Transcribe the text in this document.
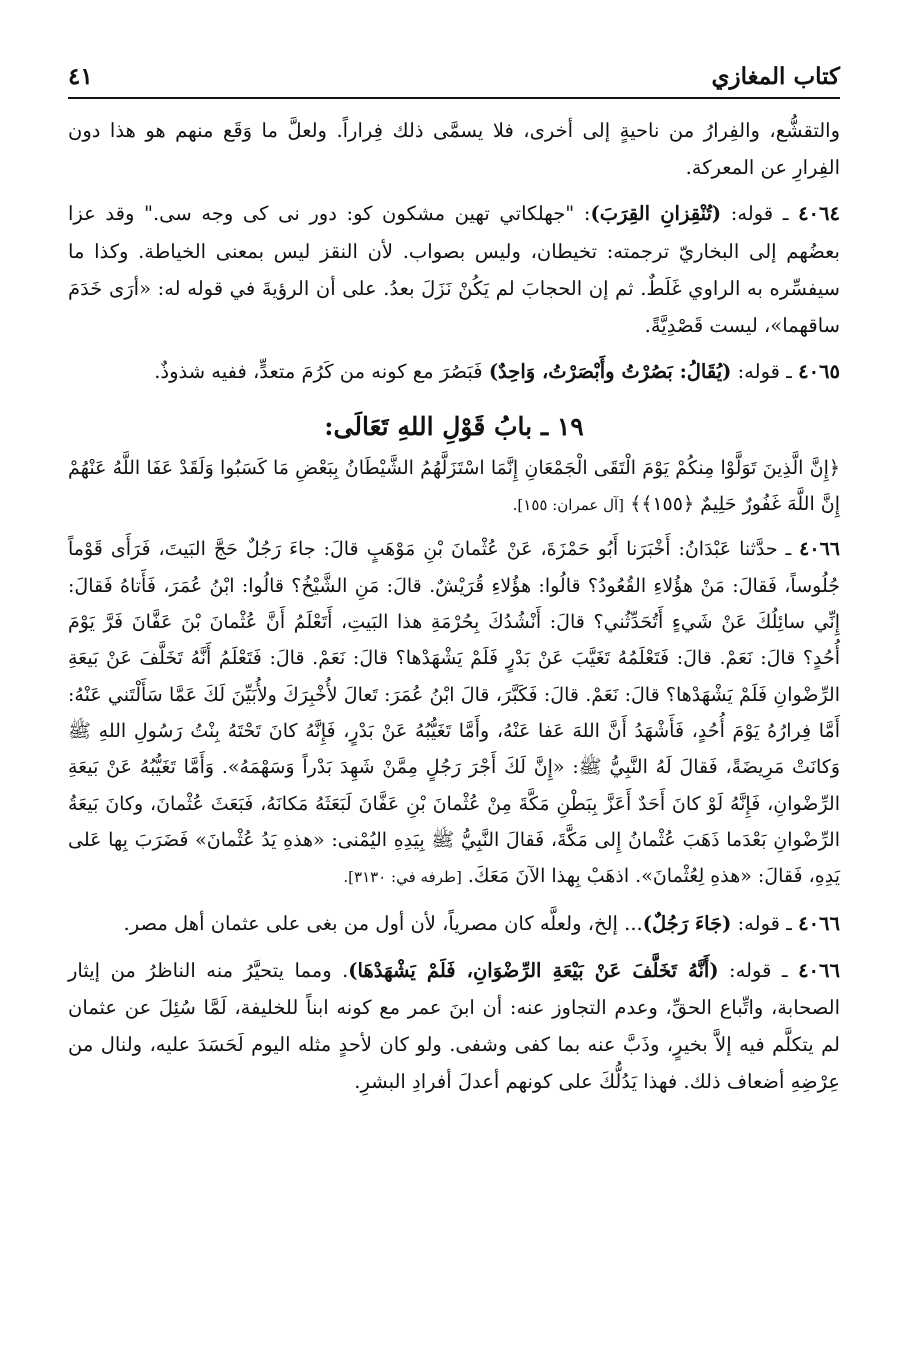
كتاب المغازي
٤١

والتقشُّع، والفِرارُ من ناحيةٍ إلى أخرى، فلا يسمَّى ذلك فِراراً. ولعلَّ ما وَقَع منهم هو هذا دون الفِرارِ عن المعركة.

٤٠٦٤ ـ قوله: (تُنْقِزانِ القِرَبَ): "جهلكاتي تهين مشكون كو: دور نى كى وجه سى." وقد عزا بعضُهم إلى البخاريّ ترجمته: تخيطان، وليس بصواب. لأن النقز ليس بمعنى الخياطة. وكذا ما سيفسِّره به الراوي غَلَطٌ. ثم إن الحجابَ لم يَكُنْ نَزَلَ بعدُ. على أن الرؤيةَ في قوله له: «أرَى خَدَمَ ساقهما»، ليست قَصْدِيَّةً.

٤٠٦٥ ـ قوله: (يُقَالُ: بَصُرْتُ وأَبْصَرْتُ، وَاحِدٌ) فَبَصُرَ مع كونه من كَرُمَ متعدٍّ، ففيه شذوذٌ.

١٩ ـ بابُ قَوْلِ اللهِ تَعَالَى:

﴿إِنَّ الَّذِينَ تَوَلَّوْا مِنكُمْ يَوْمَ الْتَقَى الْجَمْعَانِ إِنَّمَا اسْتَزَلَّهُمُ الشَّيْطَانُ بِبَعْضِ مَا كَسَبُوا وَلَقَدْ عَفَا اللَّهُ عَنْهُمْ إِنَّ اللَّهَ غَفُورٌ حَلِيمٌ ﴿١٥٥﴾﴾ [آل عمران: ١٥٥].

٤٠٦٦ ـ حدَّثنا عَبْدَانُ: أَخْبَرَنا أَبُو حَمْزَةَ، عَنْ عُثْمانَ بْنِ مَوْهَبٍ قالَ: جاءَ رَجُلٌ حَجَّ البَيتَ، فَرَأَى قَوْماً جُلُوساً، فَقالَ: مَنْ هؤُلاءِ القُعُودُ؟ قالُوا: هؤُلاءِ قُرَيْشٌ. قالَ: مَنِ الشَّيْخُ؟ قالُوا: ابْنُ عُمَرَ، فَأَتاهُ فَقالَ: إِنِّي سائِلُكَ عَنْ شَيءٍ أَتُحَدِّثُني؟ قالَ: أَنْشُدُكَ بِحُرْمَةِ هذا البَيتِ، أَتَعْلَمُ أَنَّ عُثْمانَ بْنَ عَفَّانَ فَرَّ يَوْمَ أُحُدٍ؟ قالَ: نَعَمْ. قالَ: فَتَعْلَمُهُ تَغَيَّبَ عَنْ بَدْرٍ فَلَمْ يَشْهَدْها؟ قالَ: نَعَمْ. قالَ: فَتَعْلَمُ أَنَّهُ تَخَلَّفَ عَنْ بَيعَةِ الرِّضْوانِ فَلَمْ يَشْهَدْها؟ قالَ: نَعَمْ. قالَ: فَكَبَّرَ، قالَ ابْنُ عُمَرَ: تَعالَ لأُخْبِرَكَ ولأُبَيِّنَ لَكَ عَمَّا سَأَلْتَني عَنْهُ: أَمَّا فِرارُهُ يَوْمَ أُحُدٍ، فَأَشْهَدُ أَنَّ اللهَ عَفا عَنْهُ، وأَمَّا تَغَيُّبُهُ عَنْ بَدْرٍ، فَإِنَّهُ كانَ تَحْتَهُ بِنْتُ رَسُولِ اللهِ ﷺ وَكانَتْ مَرِيضَةً، فَقالَ لَهُ النَّبِيُّ ﷺ: «إِنَّ لَكَ أَجْرَ رَجُلٍ مِمَّنْ شَهِدَ بَدْراً وَسَهْمَهُ». وَأَمَّا تَغَيُّبُهُ عَنْ بَيعَةِ الرِّضْوانِ، فَإِنَّهُ لَوْ كانَ أَحَدٌ أَعَزَّ بِبَطْنِ مَكَّةَ مِنْ عُثْمانَ بْنِ عَفَّانَ لَبَعَثَهُ مَكانَهُ، فَبَعَثَ عُثْمانَ، وكانَ بَيعَةُ الرِّضْوانِ بَعْدَما ذَهَبَ عُثْمانُ إِلى مَكَّةَ، فَقالَ النَّبِيُّ ﷺ بِيَدِهِ اليُمْنى: «هذهِ يَدُ عُثْمانَ» فَضَرَبَ بِها عَلى يَدِهِ، فَقالَ: «هذهِ لِعُثْمانَ». اذهَبْ بِهذا الآنَ مَعَكَ. [طرفه في: ٣١٣٠].

٤٠٦٦ ـ قوله: (جَاءَ رَجُلٌ)... إلخ، ولعلَّه كان مصرياً، لأن أول من بغى على عثمان أهل مصر.

٤٠٦٦ ـ قوله: (أَنَّهُ تَخَلَّفَ عَنْ بَيْعَةِ الرِّضْوَانِ، فَلَمْ يَشْهَدْهَا). ومما يتحيَّرُ منه الناظرُ من إيثار الصحابة، واتِّباع الحقِّ، وعدم التجاوز عنه: أن ابنَ عمر مع كونه ابناً للخليفة، لَمَّا سُئِلَ عن عثمان لم يتكلَّم فيه إلاَّ بخيرٍ، وذَبَّ عنه بما كفى وشفى. ولو كان لأحدٍ مثله اليوم لَحَسَدَ عليه، ولنال من عِرْضِهِ أضعاف ذلك. فهذا يَدُلُّكَ على كونهم أعدلَ أفرادِ البشرِ.
